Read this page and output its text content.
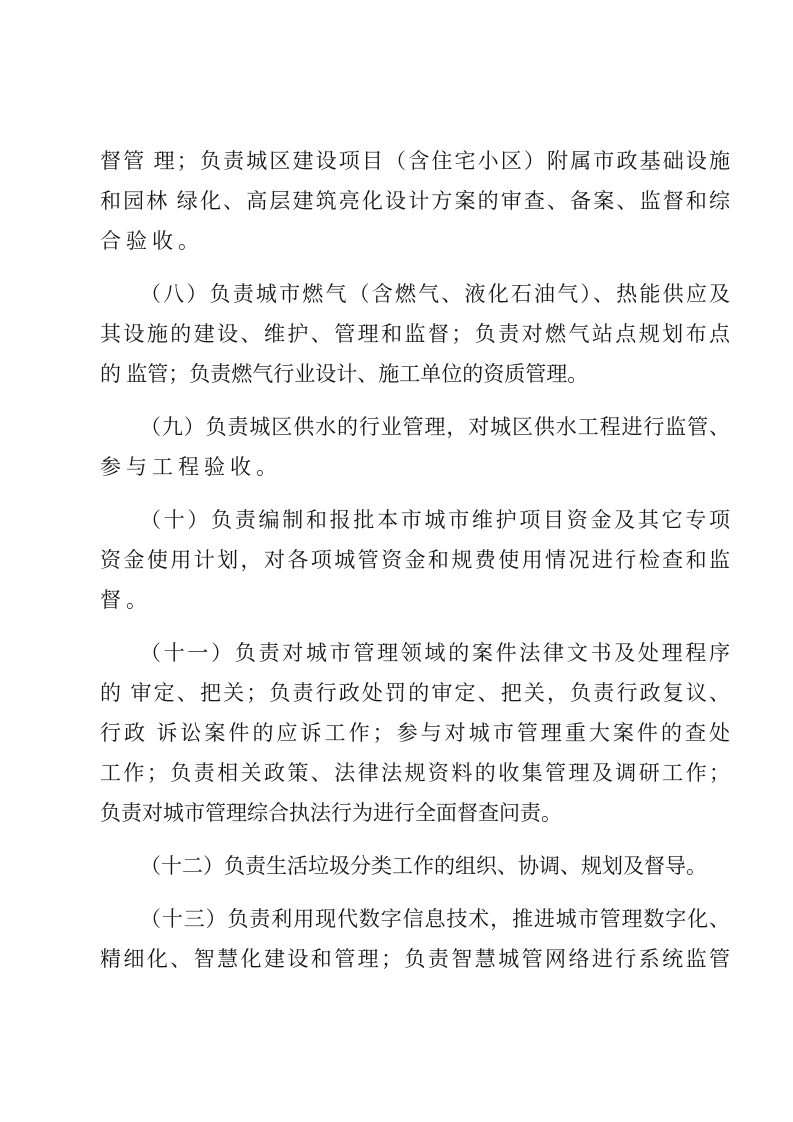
督管 理；负责城区建设项目（含住宅小区）附属市政基础设施
和园林 绿化、高层建筑亮化设计方案的审查、备案、监督和综
合验收。
（八）负责城市燃气（含燃气、液化石油气）、热能供应及
其设施的建设、维护、管理和监督；负责对燃气站点规划布点
的 监管；负责燃气行业设计、施工单位的资质管理。
（九）负责城区供水的行业管理，对城区供水工程进行监管、
参与工程验收。
（十）负责编制和报批本市城市维护项目资金及其它专项
资金使用计划，对各项城管资金和规费使用情况进行检查和监
督。
（十一）负责对城市管理领域的案件法律文书及处理程序
的 审定、把关；负责行政处罚的审定、把关，负责行政复议、
行政 诉讼案件的应诉工作；参与对城市管理重大案件的查处
工作；负责相关政策、法律法规资料的收集管理及调研工作；
负责对城市管理综合执法行为进行全面督查问责。
（十二）负责生活垃圾分类工作的组织、协调、规划及督导。
（十三）负责利用现代数字信息技术，推进城市管理数字化、
精细化、智慧化建设和管理；负责智慧城管网络进行系统监管
